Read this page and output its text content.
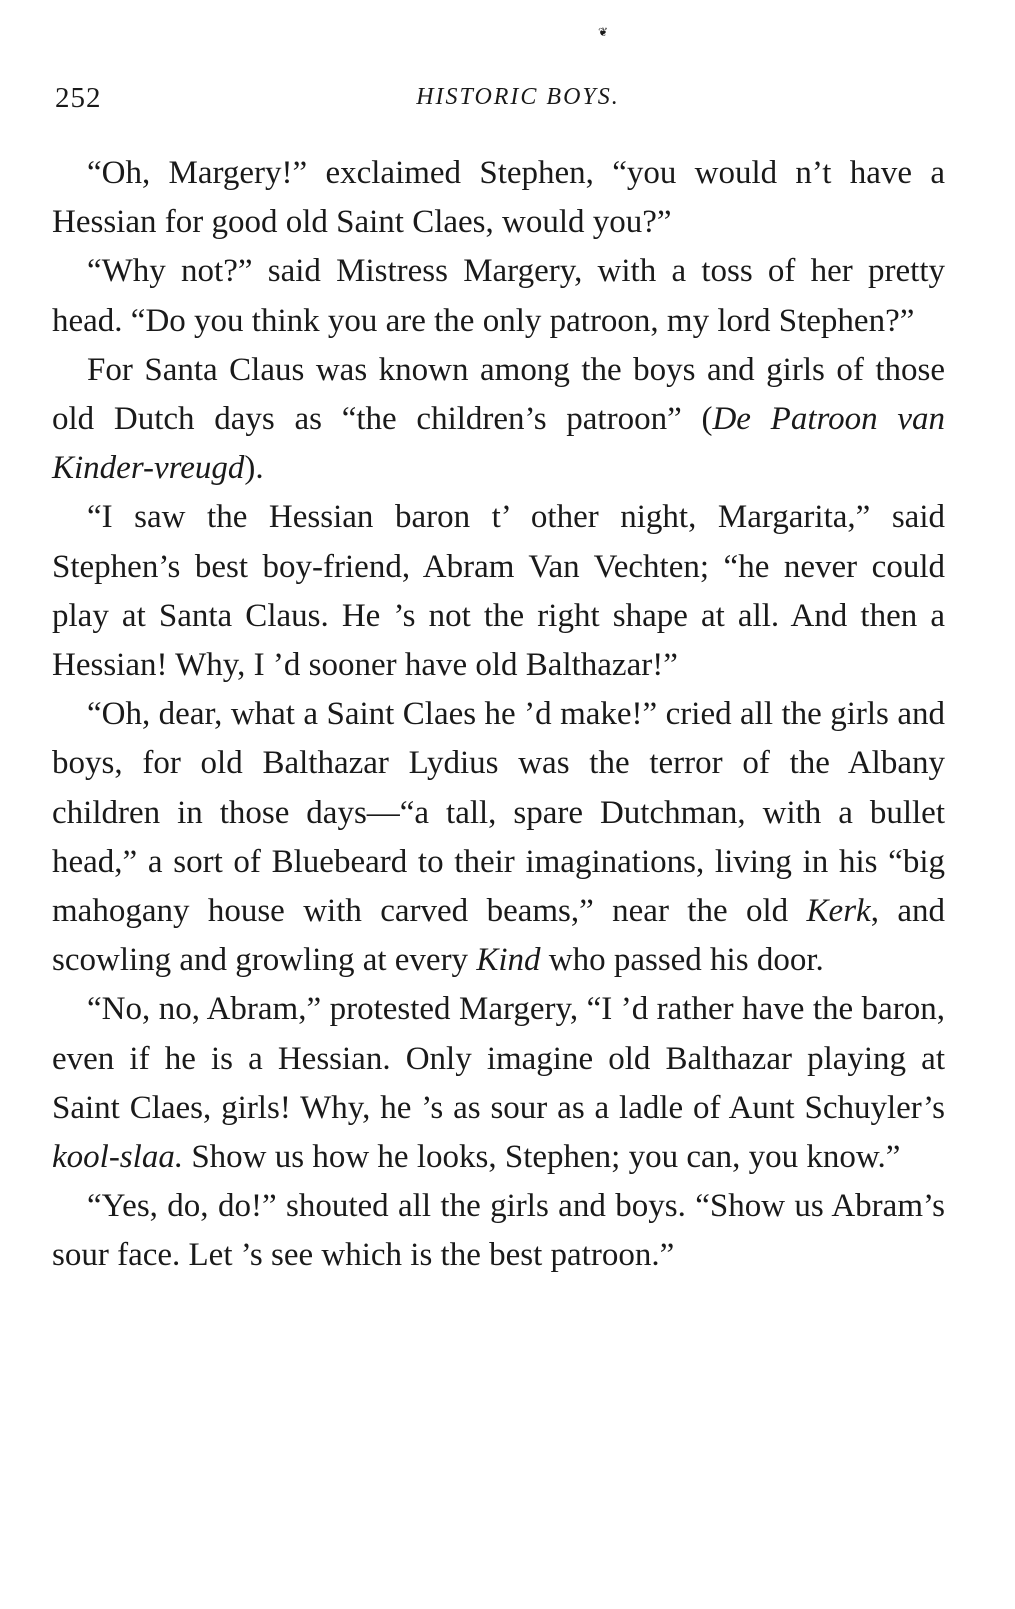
❦
252	HISTORIC BOYS.

“Oh, Margery!” exclaimed Stephen, “you would n’t have a Hessian for good old Saint Claes, would you?”

“Why not?” said Mistress Margery, with a toss of her pretty head. “Do you think you are the only patroon, my lord Stephen?”

For Santa Claus was known among the boys and girls of those old Dutch days as “the children’s patroon” (De Patroon van Kinder-vreugd).

“I saw the Hessian baron t’ other night, Margarita,” said Stephen’s best boy-friend, Abram Van Vechten; “he never could play at Santa Claus. He ’s not the right shape at all. And then a Hessian! Why, I ’d sooner have old Balthazar!”

“Oh, dear, what a Saint Claes he ’d make!” cried all the girls and boys, for old Balthazar Lydius was the terror of the Albany children in those days—“a tall, spare Dutchman, with a bullet head,” a sort of Bluebeard to their imaginations, living in his “big mahogany house with carved beams,” near the old Kerk, and scowling and growling at every Kind who passed his door.

“No, no, Abram,” protested Margery, “I ’d rather have the baron, even if he is a Hessian. Only imagine old Balthazar playing at Saint Claes, girls! Why, he ’s as sour as a ladle of Aunt Schuyler’s kool-slaa. Show us how he looks, Stephen; you can, you know.”

“Yes, do, do!” shouted all the girls and boys. “Show us Abram’s sour face. Let ’s see which is the best patroon.”
